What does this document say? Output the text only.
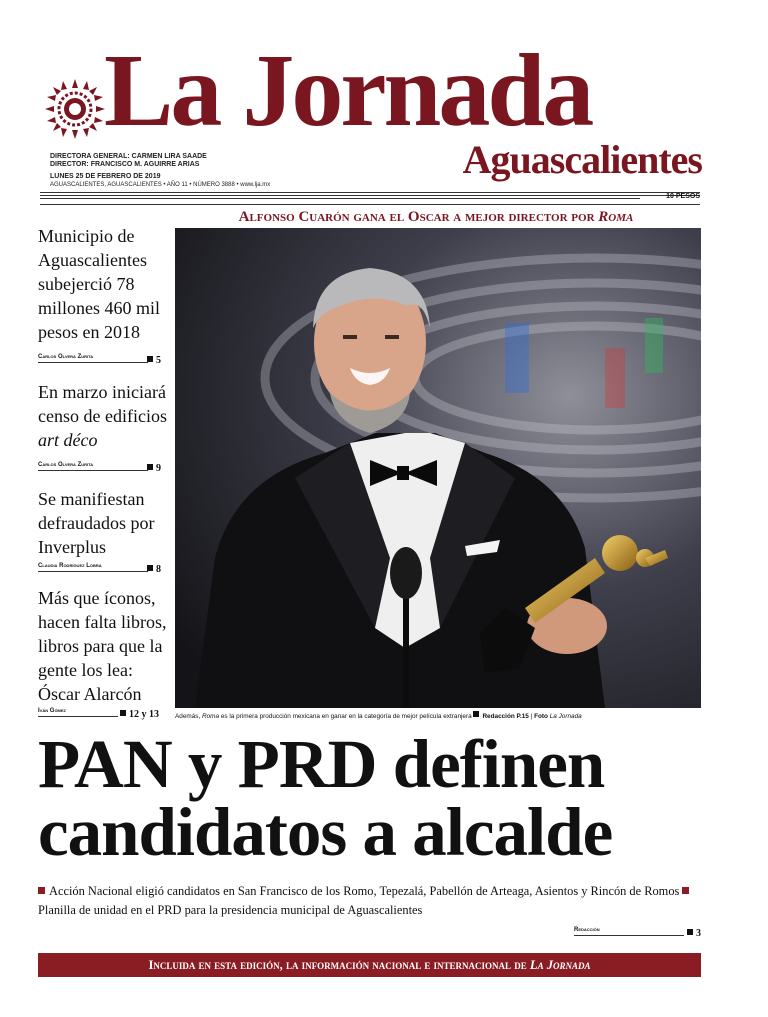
La Jornada
Aguascalientes
DIRECTORA GENERAL: CARMEN LIRA SAADE
DIRECTOR: FRANCISCO M. AGUIRRE ARIAS
LUNES 25 DE FEBRERO DE 2019
AGUASCALIENTES, AGUASCALIENTES • AÑO 11 • NÚMERO 3888 • www.lja.mx
10 PESOS
Alfonso Cuarón gana el Oscar a mejor director por Roma
Municipio de Aguascalientes subejerció 78 millones 460 mil pesos en 2018
Carlos Olvera Zurita	5
En marzo iniciará censo de edificios art déco
Carlos Olvera Zurita	9
Se manifiestan defraudados por Inverplus
Claudia Rodríguez Lobra	8
Más que íconos, hacen falta libros, libros para que la gente los lea: Óscar Alarcón
Iván Gómez	12 y 13	Además, Roma es la primera producción mexicana en ganar en la categoría de mejor película extranjera Redacción P.15 | Foto La Jornada
PAN y PRD definen
candidatos a alcalde
Acción Nacional eligió candidatos en San Francisco de los Romo, Tepezalá, Pabellón de Arteaga, Asientos y Rincón de Romos Planilla de unidad en el PRD para la presidencia municipal de Aguascalientes
Redacción	3
Incluida en esta edición, la información nacional e internacional de La Jornada
